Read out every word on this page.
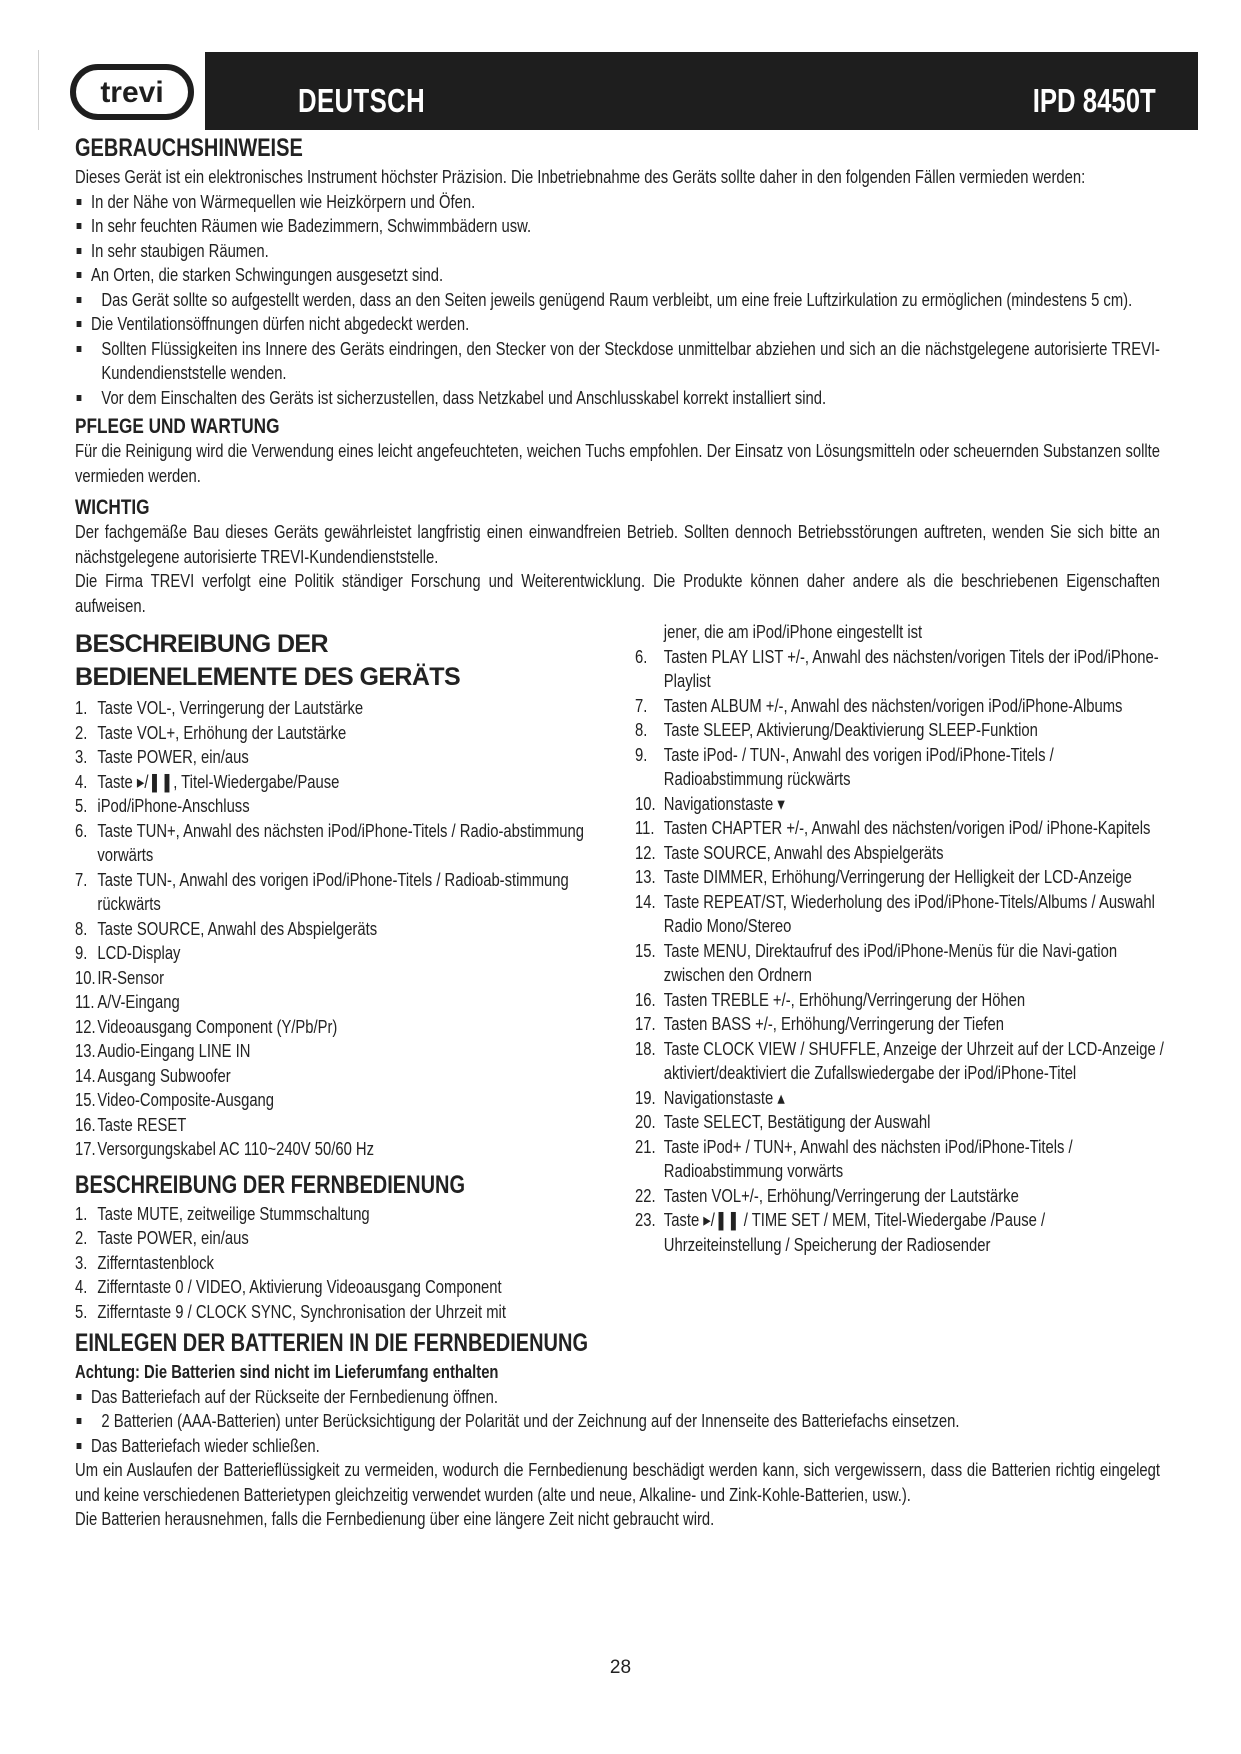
trevi	DEUTSCH	IPD 8450T
GEBRAUCHSHINWEISE

Dieses Gerät ist ein elektronisches Instrument höchster Präzision. Die Inbetriebnahme des Geräts sollte daher in den folgenden Fällen vermieden werden:

In der Nähe von Wärmequellen wie Heizkörpern und Öfen.
In sehr feuchten Räumen wie Badezimmern, Schwimmbädern usw.
In sehr staubigen Räumen.
An Orten, die starken Schwingungen ausgesetzt sind.
Das Gerät sollte so aufgestellt werden, dass an den Seiten jeweils genügend Raum verbleibt, um eine freie Luftzirkulation zu ermöglichen (mindestens 5 cm).
Die Ventilationsöffnungen dürfen nicht abgedeckt werden.
Sollten Flüssigkeiten ins Innere des Geräts eindringen, den Stecker von der Steckdose unmittelbar abziehen und sich an die nächstgelegene autorisierte TREVI-Kundendienststelle wenden.
Vor dem Einschalten des Geräts ist sicherzustellen, dass Netzkabel und Anschlusskabel korrekt installiert sind.
PFLEGE UND WARTUNG

Für die Reinigung wird die Verwendung eines leicht angefeuchteten, weichen Tuchs empfohlen. Der Einsatz von Lösungsmitteln oder scheuernden Substanzen sollte vermieden werden.

WICHTIG

Der fachgemäße Bau dieses Geräts gewährleistet langfristig einen einwandfreien Betrieb. Sollten dennoch Betriebsstörungen auftreten, wenden Sie sich bitte an nächstgelegene autorisierte TREVI-Kundendienststelle.

Die Firma TREVI verfolgt eine Politik ständiger Forschung und Weiterentwicklung. Die Produkte können daher andere als die beschriebenen Eigenschaften aufweisen.

BESCHREIBUNG DER BEDIENELEMENTE DES GERÄTS
1. Taste VOL-, Verringerung der Lautstärke
2. Taste VOL+, Erhöhung der Lautstärke
3. Taste POWER, ein/aus
4. Taste ▸/❚❚, Titel-Wiedergabe/Pause
5. iPod/iPhone-Anschluss
6. Taste TUN+, Anwahl des nächsten iPod/iPhone-Titels / Radio-abstimmung vorwärts
7. Taste TUN-, Anwahl des vorigen iPod/iPhone-Titels / Radioab-stimmung rückwärts
8. Taste SOURCE, Anwahl des Abspielgeräts
9. LCD-Display
10. IR-Sensor
11. A/V-Eingang
12. Videoausgang Component (Y/Pb/Pr)
13. Audio-Eingang LINE IN
14. Ausgang Subwoofer
15. Video-Composite-Ausgang
16. Taste RESET
17. Versorgungskabel AC 110~240V 50/60 Hz
BESCHREIBUNG DER FERNBEDIENUNG
1. Taste MUTE, zeitweilige Stummschaltung
2. Taste POWER, ein/aus
3. Zifferntastenblock
4. Zifferntaste 0 / VIDEO, Aktivierung Videoausgang Component
5. Zifferntaste 9 / CLOCK SYNC, Synchronisation der Uhrzeit mit
jener, die am iPod/iPhone eingestellt ist
6. Tasten PLAY LIST +/-, Anwahl des nächsten/vorigen Titels der iPod/iPhone-Playlist
7. Tasten ALBUM +/-, Anwahl des nächsten/vorigen iPod/iPhone-Albums
8. Taste SLEEP, Aktivierung/Deaktivierung SLEEP-Funktion
9. Taste iPod- / TUN-, Anwahl des vorigen iPod/iPhone-Titels / Radioabstimmung rückwärts
10. Navigationstaste ▾
11. Tasten CHAPTER +/-, Anwahl des nächsten/vorigen iPod/ iPhone-Kapitels
12. Taste SOURCE, Anwahl des Abspielgeräts
13. Taste DIMMER, Erhöhung/Verringerung der Helligkeit der LCD-Anzeige
14. Taste REPEAT/ST, Wiederholung des iPod/iPhone-Titels/Albums / Auswahl Radio Mono/Stereo
15. Taste MENU, Direktaufruf des iPod/iPhone-Menüs für die Navi-gation zwischen den Ordnern
16. Tasten TREBLE +/-, Erhöhung/Verringerung der Höhen
17. Tasten BASS +/-, Erhöhung/Verringerung der Tiefen
18. Taste CLOCK VIEW / SHUFFLE, Anzeige der Uhrzeit auf der LCD-Anzeige / aktiviert/deaktiviert die Zufallswiedergabe der iPod/iPhone-Titel
19. Navigationstaste ▴
20. Taste SELECT, Bestätigung der Auswahl
21. Taste iPod+ / TUN+, Anwahl des nächsten iPod/iPhone-Titels / Radioabstimmung vorwärts
22. Tasten VOL+/-, Erhöhung/Verringerung der Lautstärke
23. Taste ▸/❚❚ / TIME SET / MEM, Titel-Wiedergabe /Pause / Uhrzeiteinstellung / Speicherung der Radiosender
EINLEGEN DER BATTERIEN IN DIE FERNBEDIENUNG

Achtung: Die Batterien sind nicht im Lieferumfang enthalten

Das Batteriefach auf der Rückseite der Fernbedienung öffnen.
2 Batterien (AAA-Batterien) unter Berücksichtigung der Polarität und der Zeichnung auf der Innenseite des Batteriefachs einsetzen.
Das Batteriefach wieder schließen.

Um ein Auslaufen der Batterieflüssigkeit zu vermeiden, wodurch die Fernbedienung beschädigt werden kann, sich vergewissern, dass die Batterien richtig eingelegt und keine verschiedenen Batterietypen gleichzeitig verwendet wurden (alte und neue, Alkaline- und Zink-Kohle-Batterien, usw.).

Die Batterien herausnehmen, falls die Fernbedienung über eine längere Zeit nicht gebraucht wird.

28
